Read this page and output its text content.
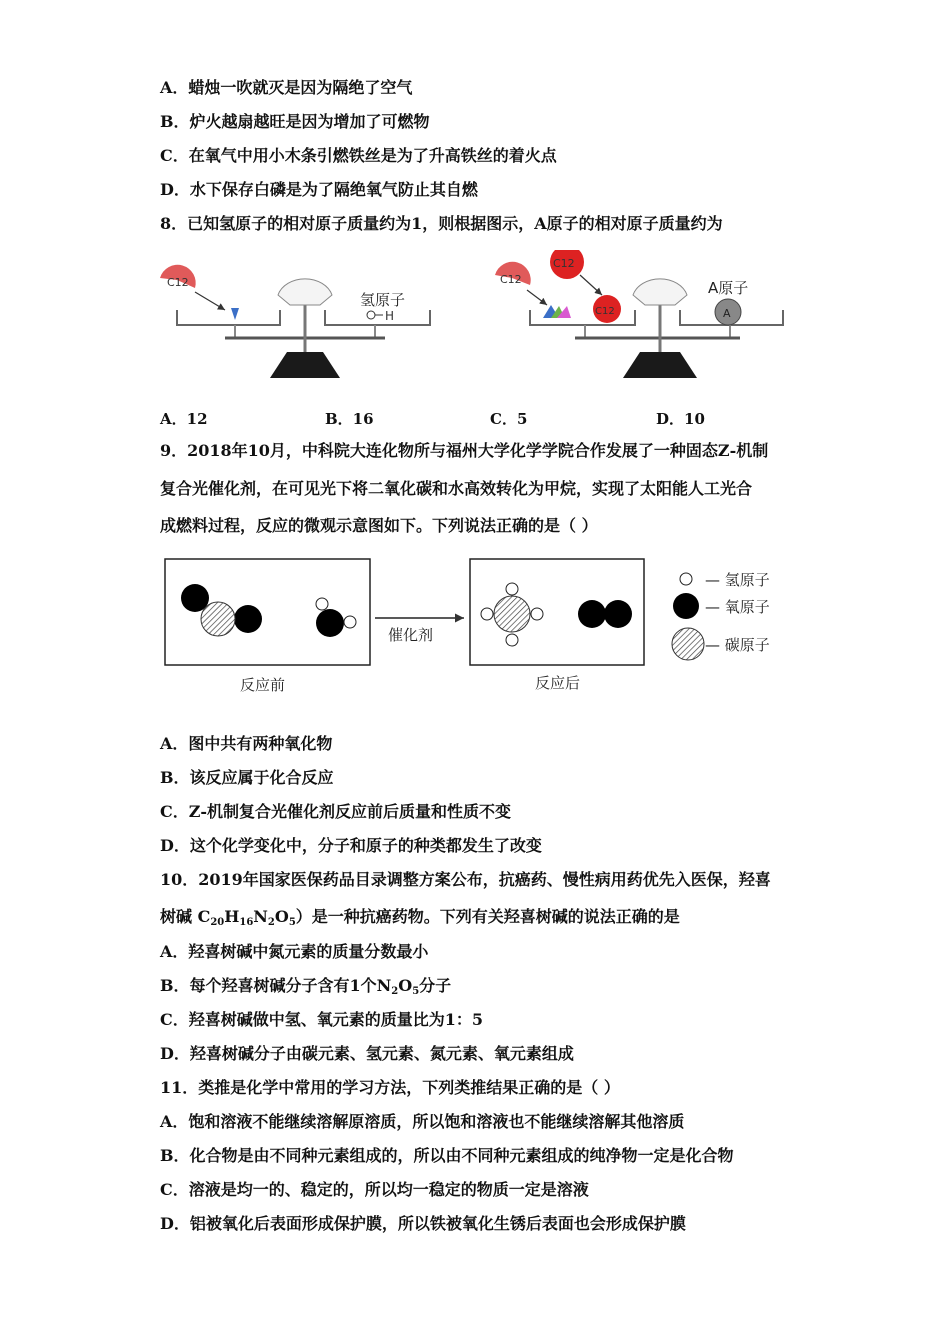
A．蜡烛一吹就灭是因为隔绝了空气
B．炉火越扇越旺是因为增加了可燃物
C．在氧气中用小木条引燃铁丝是为了升高铁丝的着火点
D．水下保存白磷是为了隔绝氧气防止其自燃
8．已知氢原子的相对原子质量约为1，则根据图示，A原子的相对原子质量约为
C12
氢原子
H
C12
C12
C12
A原子
A
A．12	B．16	C．5	D．10
9．2018年10月，中科院大连化物所与福州大学化学学院合作发展了一种固态Z-机制
复合光催化剂，在可见光下将二氧化碳和水高效转化为甲烷，实现了太阳能人工光合
成燃料过程，反应的微观示意图如下。下列说法正确的是（ ）
催化剂
— 氢原子
— 氧原子
— 碳原子
反应前	反应后
A．图中共有两种氧化物
B．该反应属于化合反应
C．Z-机制复合光催化剂反应前后质量和性质不变
D．这个化学变化中，分子和原子的种类都发生了改变
10．2019年国家医保药品目录调整方案公布，抗癌药、慢性病用药优先入医保，羟喜
树碱 $C_{20}H_{16}N_2O_5$）是一种抗癌药物。下列有关羟喜树碱的说法正确的是
A．羟喜树碱中氮元素的质量分数最小
B．每个羟喜树碱分子含有1个$N_2O_5$分子
C．羟喜树碱做中氢、氧元素的质量比为1：5
D．羟喜树碱分子由碳元素、氢元素、氮元素、氧元素组成
11．类推是化学中常用的学习方法，下列类推结果正确的是（ ）
A．饱和溶液不能继续溶解原溶质，所以饱和溶液也不能继续溶解其他溶质
B．化合物是由不同种元素组成的，所以由不同种元素组成的纯净物一定是化合物
C．溶液是均一的、稳定的，所以均一稳定的物质一定是溶液
D．铝被氧化后表面形成保护膜，所以铁被氧化生锈后表面也会形成保护膜
